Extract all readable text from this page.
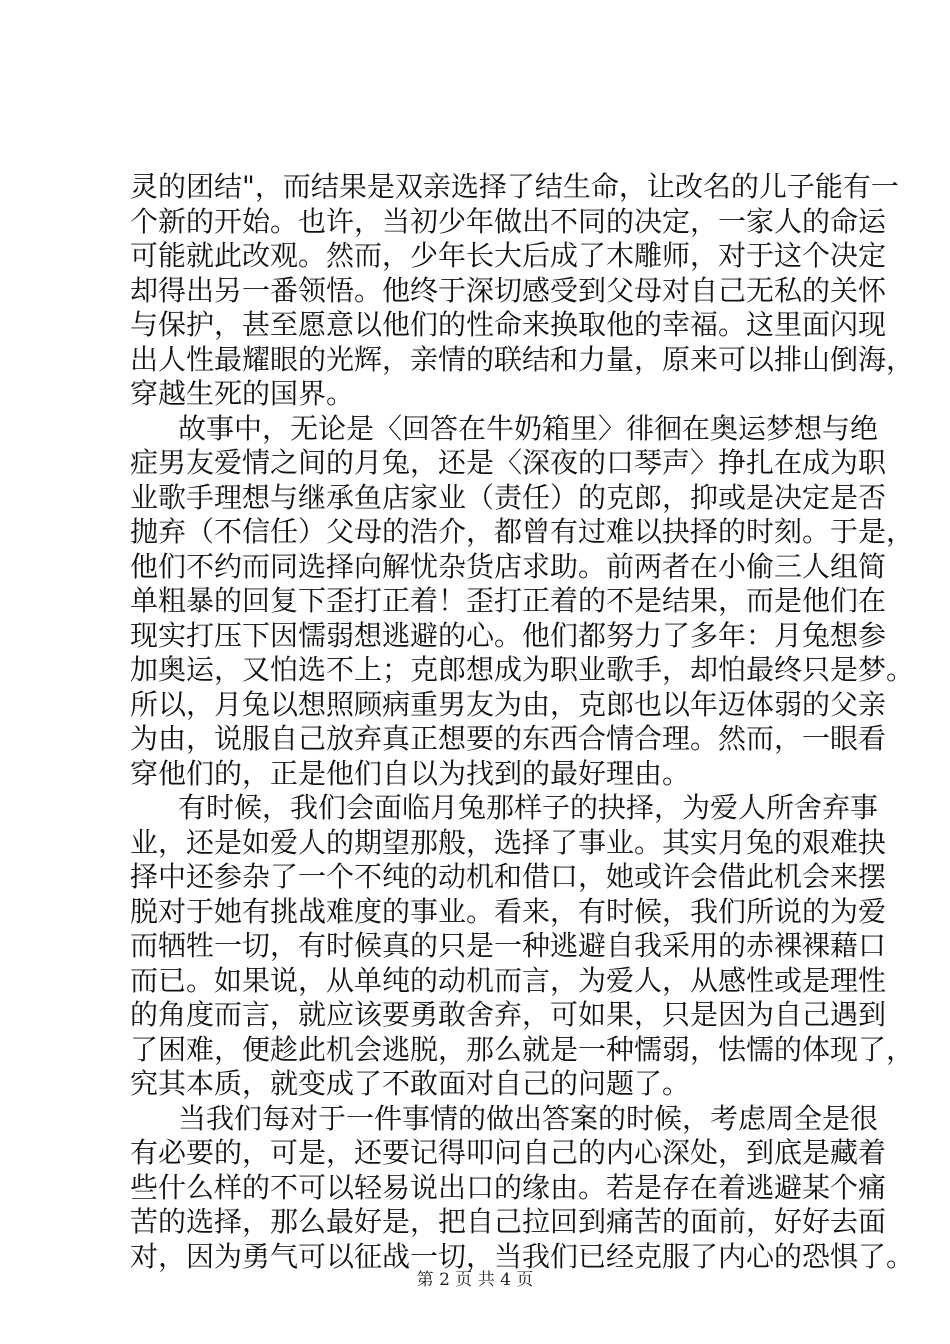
灵的团结"，而结果是双亲选择了结生命，让改名的儿子能有一
个新的开始。也许，当初少年做出不同的决定，一家人的命运
可能就此改观。然而，少年长大后成了木雕师，对于这个决定
却得出另一番领悟。他终于深切感受到父母对自己无私的关怀
与保护，甚至愿意以他们的性命来换取他的幸福。这里面闪现
出人性最耀眼的光辉，亲情的联结和力量，原来可以排山倒海，
穿越生死的国界。
故事中，无论是〈回答在牛奶箱里〉徘徊在奥运梦想与绝
症男友爱情之间的月兔，还是〈深夜的口琴声〉挣扎在成为职
业歌手理想与继承鱼店家业（责任）的克郎，抑或是决定是否
抛弃（不信任）父母的浩介，都曾有过难以抉择的时刻。于是，
他们不约而同选择向解忧杂货店求助。前两者在小偷三人组简
单粗暴的回复下歪打正着！歪打正着的不是结果，而是他们在
现实打压下因懦弱想逃避的心。他们都努力了多年：月兔想参
加奥运，又怕选不上；克郎想成为职业歌手，却怕最终只是梦。
所以，月兔以想照顾病重男友为由，克郎也以年迈体弱的父亲
为由，说服自己放弃真正想要的东西合情合理。然而，一眼看
穿他们的，正是他们自以为找到的最好理由。
有时候，我们会面临月兔那样子的抉择，为爱人所舍弃事
业，还是如爱人的期望那般，选择了事业。其实月兔的艰难抉
择中还参杂了一个不纯的动机和借口，她或许会借此机会来摆
脱对于她有挑战难度的事业。看来，有时候，我们所说的为爱
而牺牲一切，有时候真的只是一种逃避自我采用的赤裸裸藉口
而已。如果说，从单纯的动机而言，为爱人，从感性或是理性
的角度而言，就应该要勇敢舍弃，可如果，只是因为自己遇到
了困难，便趁此机会逃脱，那么就是一种懦弱，怯懦的体现了，
究其本质，就变成了不敢面对自己的问题了。
当我们每对于一件事情的做出答案的时候，考虑周全是很
有必要的，可是，还要记得叩问自己的内心深处，到底是藏着
些什么样的不可以轻易说出口的缘由。若是存在着逃避某个痛
苦的选择，那么最好是，把自己拉回到痛苦的面前，好好去面
对，因为勇气可以征战一切，当我们已经克服了内心的恐惧了。
第 2 页 共 4 页
